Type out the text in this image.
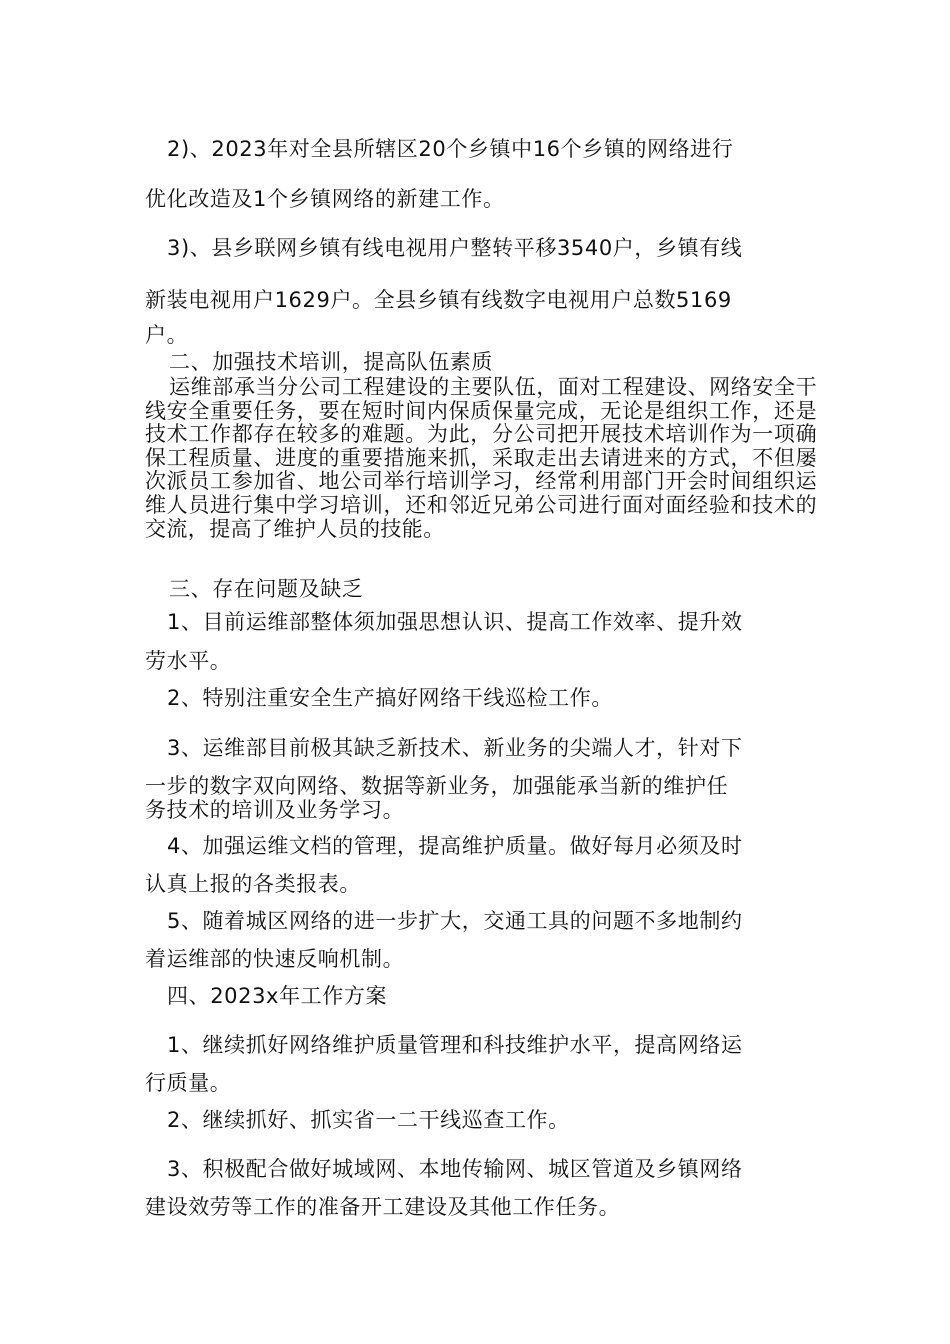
2)、2023年对全县所辖区20个乡镇中16个乡镇的网络进行

优化改造及1个乡镇网络的新建工作。

3)、县乡联网乡镇有线电视用户整转平移3540户，乡镇有线

新装电视用户1629户。全县乡镇有线数字电视用户总数5169

户。

二、加强技术培训，提高队伍素质

运维部承当分公司工程建设的主要队伍，面对工程建设、网络安全干线安全重要任务，要在短时间内保质保量完成，无论是组织工作，还是技术工作都存在较多的难题。为此，分公司把开展技术培训作为一项确保工程质量、进度的重要措施来抓，采取走出去请进来的方式，不但屡次派员工参加省、地公司举行培训学习，经常利用部门开会时间组织运维人员进行集中学习培训，还和邻近兄弟公司进行面对面经验和技术的交流，提高了维护人员的技能。

三、存在问题及缺乏

1、目前运维部整体须加强思想认识、提高工作效率、提升效

劳水平。

2、特别注重安全生产搞好网络干线巡检工作。

3、运维部目前极其缺乏新技术、新业务的尖端人才，针对下

一步的数字双向网络、数据等新业务，加强能承当新的维护任

务技术的培训及业务学习。

4、加强运维文档的管理，提高维护质量。做好每月必须及时

认真上报的各类报表。

5、随着城区网络的进一步扩大，交通工具的问题不多地制约

着运维部的快速反响机制。

四、2023x年工作方案

1、继续抓好网络维护质量管理和科技维护水平，提高网络运

行质量。

2、继续抓好、抓实省一二干线巡查工作。

3、积极配合做好城域网、本地传输网、城区管道及乡镇网络

建设效劳等工作的准备开工建设及其他工作任务。
